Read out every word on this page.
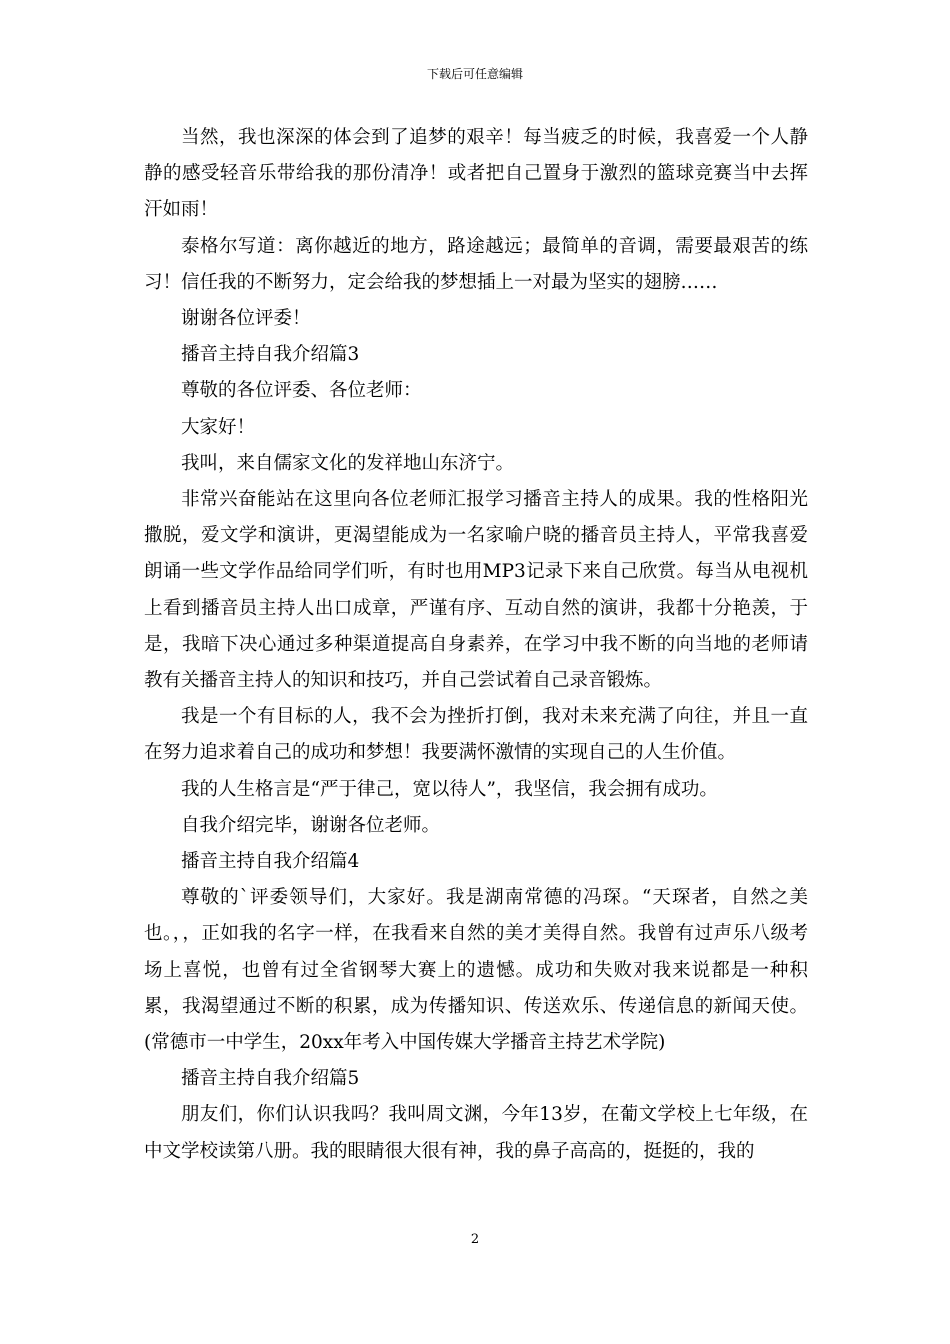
下载后可任意编辑

当然，我也深深的体会到了追梦的艰辛！每当疲乏的时候，我喜爱一个人静静的感受轻音乐带给我的那份清净！或者把自己置身于激烈的篮球竞赛当中去挥汗如雨！

泰格尔写道：离你越近的地方，路途越远；最简单的音调，需要最艰苦的练习！信任我的不断努力，定会给我的梦想插上一对最为坚实的翅膀……

谢谢各位评委！

播音主持自我介绍篇3

尊敬的各位评委、各位老师：

大家好！

我叫，来自儒家文化的发祥地山东济宁。

非常兴奋能站在这里向各位老师汇报学习播音主持人的成果。我的性格阳光撒脱，爱文学和演讲，更渴望能成为一名家喻户晓的播音员主持人，平常我喜爱朗诵一些文学作品给同学们听，有时也用MP3记录下来自己欣赏。每当从电视机上看到播音员主持人出口成章，严谨有序、互动自然的演讲，我都十分艳羡，于是，我暗下决心通过多种渠道提高自身素养，在学习中我不断的向当地的老师请教有关播音主持人的知识和技巧，并自己尝试着自己录音锻炼。

我是一个有目标的人，我不会为挫折打倒，我对未来充满了向往，并且一直在努力追求着自己的成功和梦想！我要满怀激情的实现自己的人生价值。

我的人生格言是“严于律己，宽以待人”，我坚信，我会拥有成功。

自我介绍完毕，谢谢各位老师。

播音主持自我介绍篇4

尊敬的`评委领导们，大家好。我是湖南常德的冯琛。“天琛者，自然之美也。，，正如我的名字一样，在我看来自然的美才美得自然。我曾有过声乐八级考场上喜悦，也曾有过全省钢琴大赛上的遗憾。成功和失败对我来说都是一种积累，我渴望通过不断的积累，成为传播知识、传送欢乐、传递信息的新闻天使。(常德市一中学生，20xx年考入中国传媒大学播音主持艺术学院)

播音主持自我介绍篇5

朋友们，你们认识我吗？我叫周文渊，今年13岁，在葡文学校上七年级，在中文学校读第八册。我的眼睛很大很有神，我的鼻子高高的，挺挺的，我的

2
